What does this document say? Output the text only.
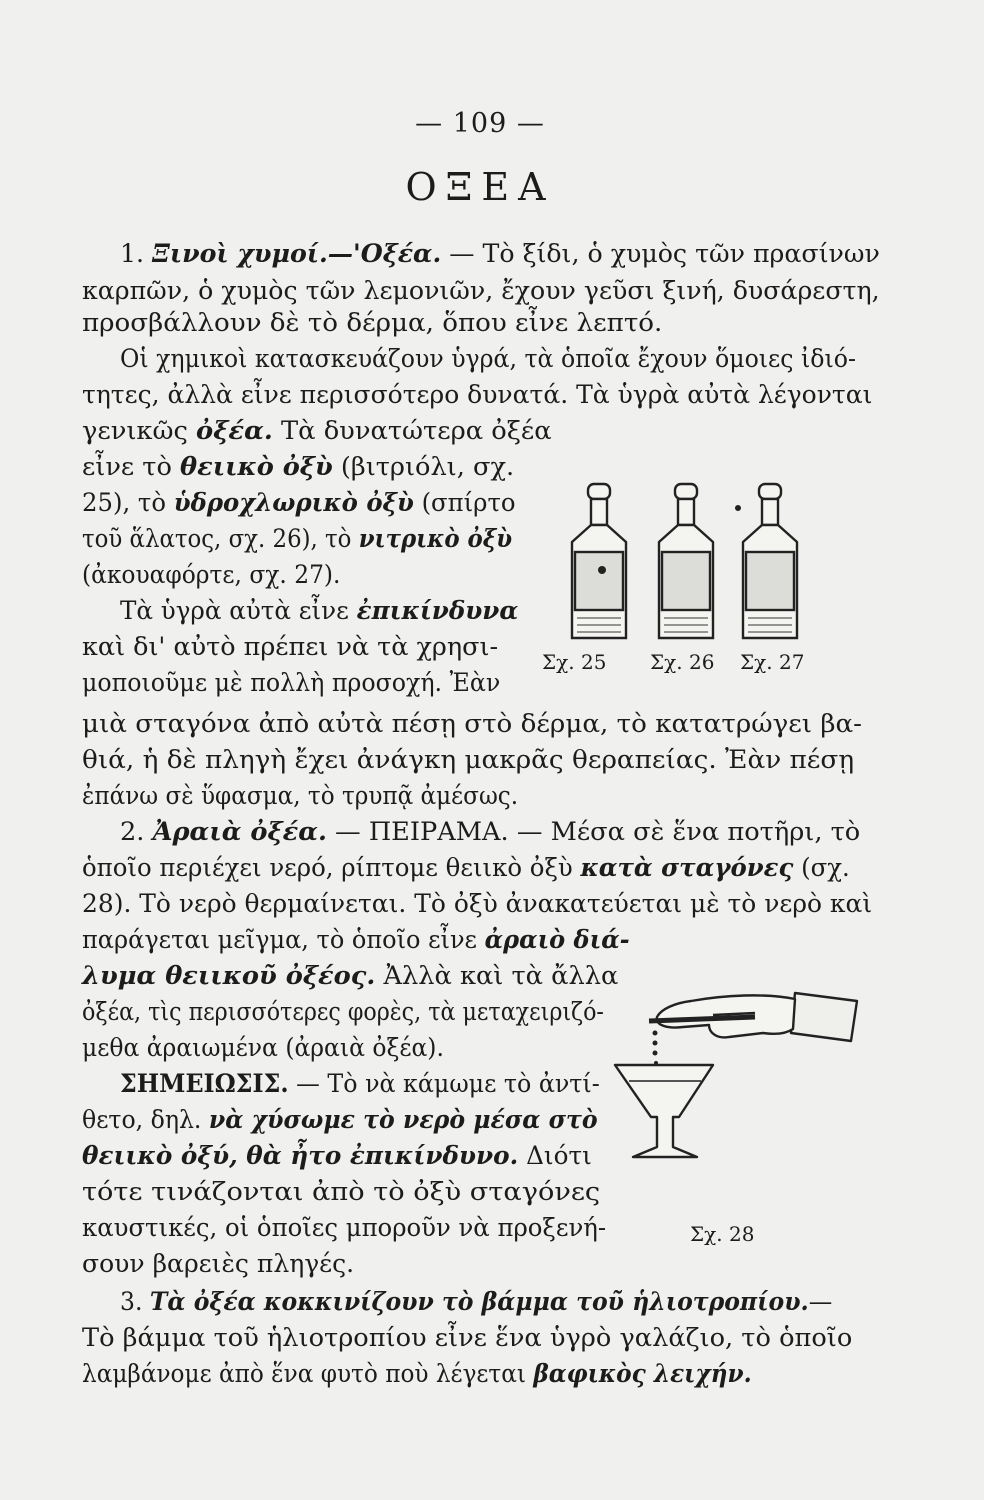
— 109 —
ΟΞΕΑ
1. Ξινοὶ χυμοί.—'Οξέα. — Τὸ ξίδι, ὁ χυμὸς τῶν πρασίνων
καρπῶν, ὁ χυμὸς τῶν λεμονιῶν, ἔχουν γεῦσι ξινή, δυσάρεστη,
προσβάλλουν δὲ τὸ δέρμα, ὅπου εἶνε λεπτό.
Οἱ χημικοὶ κατασκευάζουν ὑγρά, τὰ ὁποῖα ἔχουν ὅμοιες ἰδιό-
τητες, ἀλλὰ εἶνε περισσότερο δυνατά. Τὰ ὑγρὰ αὐτὰ λέγονται
γενικῶς ὀξέα. Τὰ δυνατώτερα ὀξέα
εἶνε τὸ θειικὸ ὀξὺ (βιτριόλι, σχ.
25), τὸ ὑδροχλωρικὸ ὀξὺ (σπίρτο
τοῦ ἅλατος, σχ. 26), τὸ νιτρικὸ ὀξὺ
(ἀκουαφόρτε, σχ. 27).
Τὰ ὑγρὰ αὐτὰ εἶνε ἐπικίνδυνα
καὶ δι' αὐτὸ πρέπει νὰ τὰ χρησι-
μοποιοῦμε μὲ πολλὴ προσοχή. Ἐὰν
μιὰ σταγόνα ἀπὸ αὐτὰ πέσῃ στὸ δέρμα, τὸ κατατρώγει βα-
θιά, ἡ δὲ πληγὴ ἔχει ἀνάγκη μακρᾶς θεραπείας. Ἐὰν πέσῃ
ἐπάνω σὲ ὕφασμα, τὸ τρυπᾷ ἀμέσως.
2. Ἀραιὰ ὀξέα. — ΠΕΙΡΑΜΑ. — Μέσα σὲ ἕνα ποτῆρι, τὸ
ὁποῖο περιέχει νερό, ρίπτομε θειικὸ ὀξὺ κατὰ σταγόνες (σχ.
28). Τὸ νερὸ θερμαίνεται. Τὸ ὀξὺ ἀνακατεύεται μὲ τὸ νερὸ καὶ
παράγεται μεῖγμα, τὸ ὁποῖο εἶνε ἀραιὸ διά-
λυμα θειικοῦ ὀξέος. Ἀλλὰ καὶ τὰ ἄλλα
ὀξέα, τὶς περισσότερες φορὲς, τὰ μεταχειριζό-
μεθα ἀραιωμένα (ἀραιὰ ὀξέα).
ΣΗΜΕΙΩΣΙΣ. — Τὸ νὰ κάμωμε τὸ ἀντί-
θετο, δηλ. νὰ χύσωμε τὸ νερὸ μέσα στὸ
θειικὸ ὀξύ, θὰ ἦτο ἐπικίνδυνο. Διότι
τότε τινάζονται ἀπὸ τὸ ὀξὺ σταγόνες
καυστικές, οἱ ὁποῖες μποροῦν νὰ προξενή-
σουν βαρειὲς πληγές.
3. Τὰ ὀξέα κοκκινίζουν τὸ βάμμα τοῦ ἡλιοτροπίου.—
Τὸ βάμμα τοῦ ἡλιοτροπίου εἶνε ἕνα ὑγρὸ γαλάζιο, τὸ ὁποῖο
λαμβάνομε ἀπὸ ἕνα φυτὸ ποὺ λέγεται βαφικὸς λειχήν.
Σχ. 25 Σχ. 26 Σχ. 27
Σχ. 28
